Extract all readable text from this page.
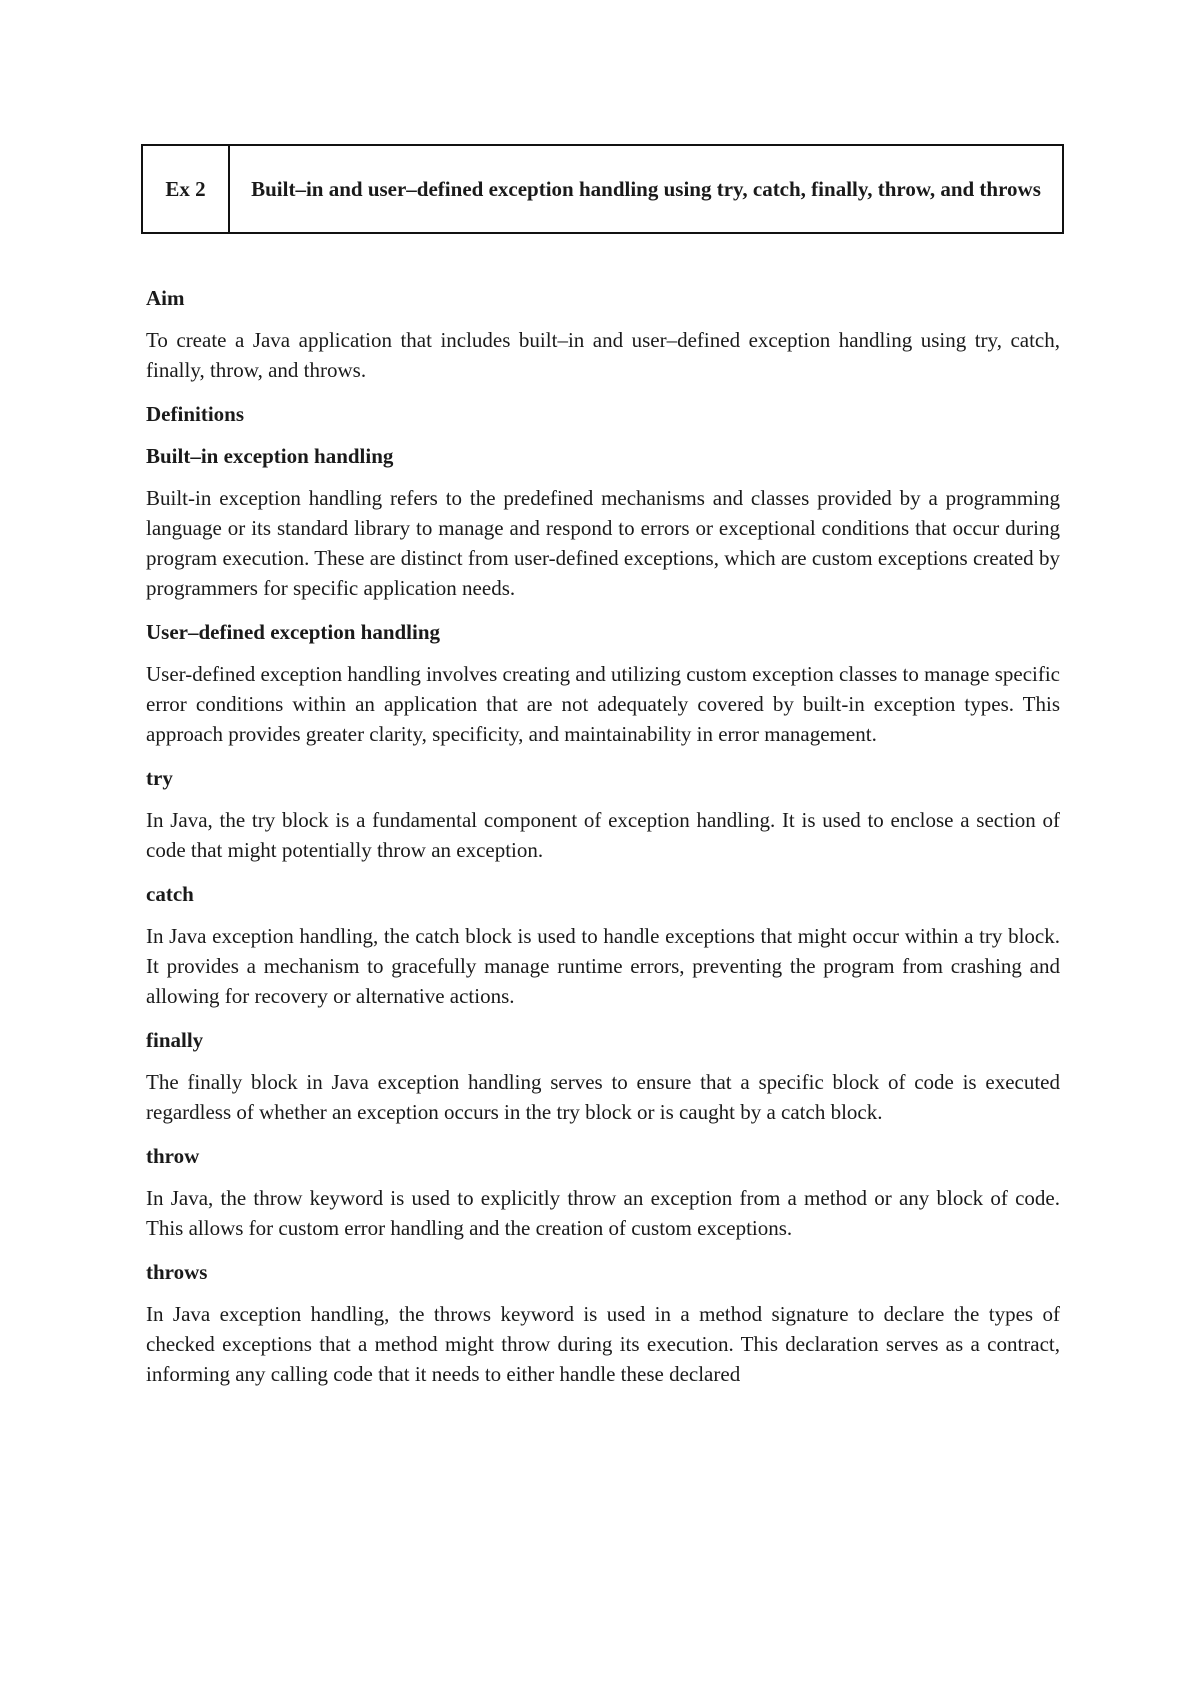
Ex 2	Built–in and user–defined exception handling using try, catch, finally, throw, and throws
Aim
To create a Java application that includes built–in and user–defined exception handling using try, catch, finally, throw, and throws.
Definitions
Built–in exception handling
Built-in exception handling refers to the predefined mechanisms and classes provided by a programming language or its standard library to manage and respond to errors or exceptional conditions that occur during program execution. These are distinct from user-defined exceptions, which are custom exceptions created by programmers for specific application needs.
User–defined exception handling
User-defined exception handling involves creating and utilizing custom exception classes to manage specific error conditions within an application that are not adequately covered by built-in exception types. This approach provides greater clarity, specificity, and maintainability in error management.
try
In Java, the try block is a fundamental component of exception handling. It is used to enclose a section of code that might potentially throw an exception.
catch
In Java exception handling, the catch block is used to handle exceptions that might occur within a try block. It provides a mechanism to gracefully manage runtime errors, preventing the program from crashing and allowing for recovery or alternative actions.
finally
The finally block in Java exception handling serves to ensure that a specific block of code is executed regardless of whether an exception occurs in the try block or is caught by a catch block.
throw
In Java, the throw keyword is used to explicitly throw an exception from a method or any block of code. This allows for custom error handling and the creation of custom exceptions.
throws
In Java exception handling, the throws keyword is used in a method signature to declare the types of checked exceptions that a method might throw during its execution. This declaration serves as a contract, informing any calling code that it needs to either handle these declared
